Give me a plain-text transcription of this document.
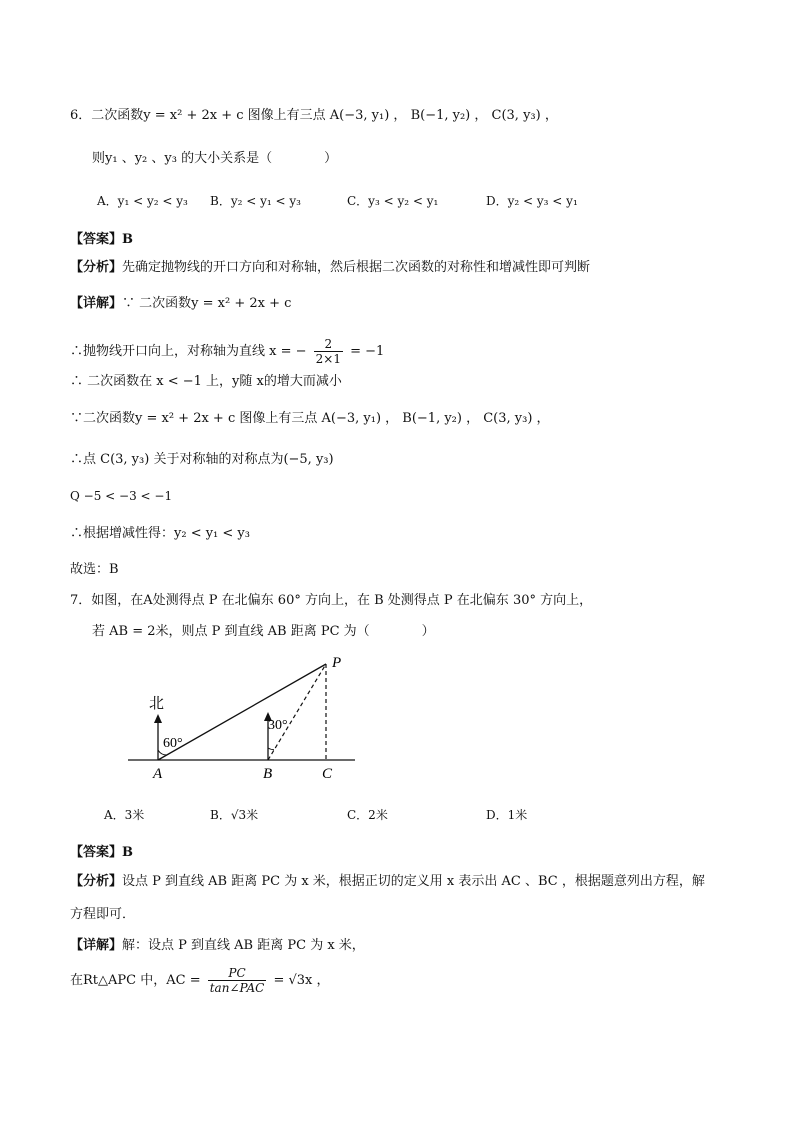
6．二次函数y = x² + 2x + c 图像上有三点 A(−3, y₁) ， B(−1, y₂) ， C(3, y₃) ，
则y₁ 、y₂ 、y₃ 的大小关系是（　　　　）
A．y₁ < y₂ < y₃ B．y₂ < y₁ < y₃	C．y₃ < y₂ < y₁	D．y₂ < y₃ < y₁
【答案】B
【分析】先确定抛物线的开口方向和对称轴，然后根据二次函数的对称性和增减性即可判断
【详解】∵ 二次函数y = x² + 2x + c
∴抛物线开口向上，对称轴为直线 x = − $\frac{2}{2\times 1} = -1$
∴ 二次函数在 x < −1 上，y随 x的增大而减小
∵二次函数y = x² + 2x + c 图像上有三点 A(−3, y₁) ， B(−1, y₂) ， C(3, y₃) ，
∴点 C(3, y₃) 关于对称轴的对称点为(−5, y₃)
Q −5 < −3 < −1
∴根据增减性得：y₂ < y₁ < y₃
故选：B
7．如图，在A处测得点 P 在北偏东 60° 方向上，在 B 处测得点 P 在北偏东 30° 方向上，
若 AB = 2米，则点 P 到直线 AB 距离 PC 为（　　　　）
北
60°
30°
A	B	C
P
A．3米	B．√3米	C．2米	D．1米
【答案】B
【分析】设点 P 到直线 AB 距离 PC 为 x 米，根据正切的定义用 x 表示出 AC 、BC ，根据题意列出方程，解
方程即可．
【详解】解：设点 P 到直线 AB 距离 PC 为 x 米，
在Rt△APC 中，AC =	PC
tan∠PAC = √3x ，
